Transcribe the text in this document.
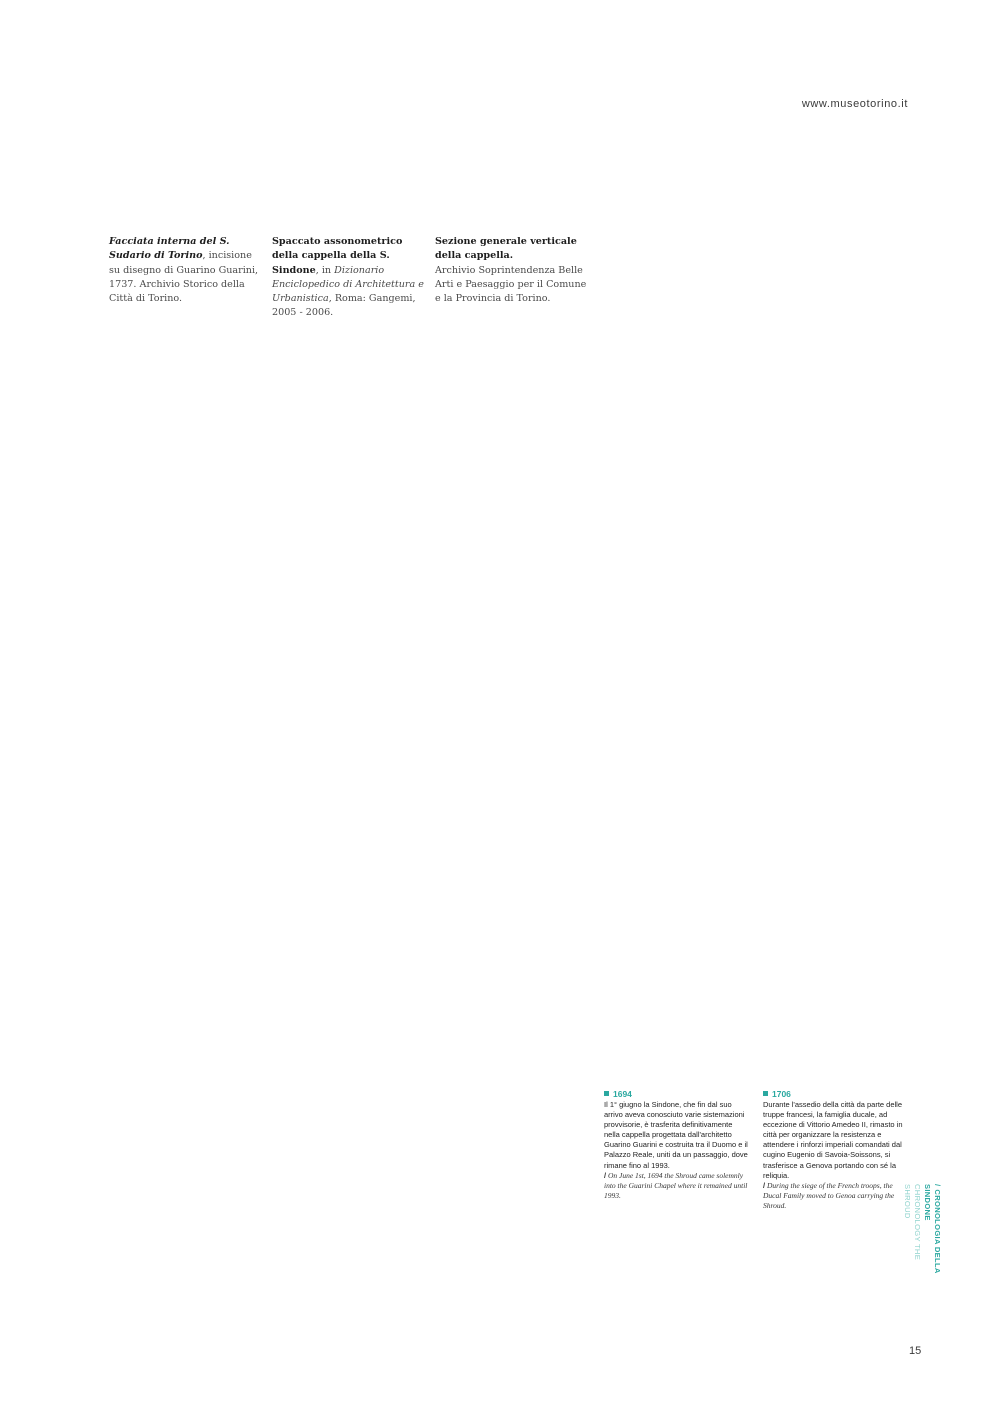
www.museotorino.it
Facciata interna del S. Sudario di Torino, incisione su disegno di Guarino Guarini, 1737. Archivio Storico della Città di Torino.
Spaccato assonometrico della cappella della S. Sindone, in Dizionario Enciclopedico di Architettura e Urbanistica, Roma: Gangemi, 2005 - 2006.
Sezione generale verticale della cappella.
Archivio Soprintendenza Belle Arti e Paesaggio per il Comune e la Provincia di Torino.
1694
Il 1° giugno la Sindone, che fin dal suo arrivo aveva conosciuto varie sistemazioni provvisorie, è trasferita definitivamente nella cappella progettata dall'architetto Guarino Guarini e costruita tra il Duomo e il Palazzo Reale, uniti da un passaggio, dove rimane fino al 1993.
/ On June 1st, 1694 the Shroud came solemnly into the Guarini Chapel where it remained until 1993.
1706
Durante l'assedio della città da parte delle truppe francesi, la famiglia ducale, ad eccezione di Vittorio Amedeo II, rimasto in città per organizzare la resistenza e attendere i rinforzi imperiali comandati dal cugino Eugenio di Savoia-Soissons, si trasferisce a Genova portando con sé la reliquia.
/ During the siege of the French troops, the Ducal Family moved to Genoa carrying the Shroud.
/CRONOLOGIA DELLA SINDONE
CHRONOLOGY THE SHROUD
15
